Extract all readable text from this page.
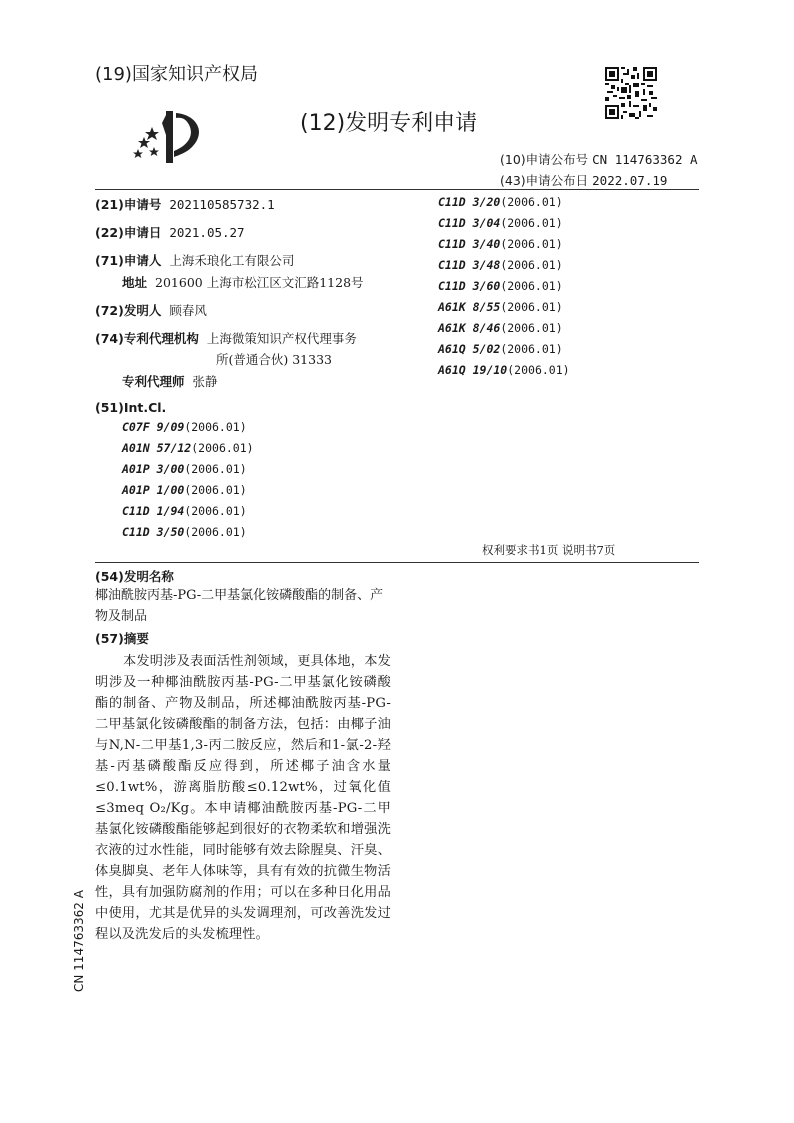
(19)国家知识产权局
(12)发明专利申请
(10)申请公布号 CN 114763362 A
(43)申请公布日 2022.07.19
(21)申请号 202110585732.1
(22)申请日 2021.05.27
(71)申请人 上海禾琅化工有限公司
地址 201600 上海市松江区文汇路1128号
(72)发明人 顾春风
(74)专利代理机构 上海微策知识产权代理事务
所(普通合伙) 31333
专利代理师 张静
(51)Int.Cl.
C07F 9/09(2006.01)
A01N 57/12(2006.01)
A01P 3/00(2006.01)
A01P 1/00(2006.01)
C11D 1/94(2006.01)
C11D 3/50(2006.01)
C11D 3/20(2006.01)
C11D 3/04(2006.01)
C11D 3/40(2006.01)
C11D 3/48(2006.01)
C11D 3/60(2006.01)
A61K 8/55(2006.01)
A61K 8/46(2006.01)
A61Q 5/02(2006.01)
A61Q 19/10(2006.01)
权利要求书1页 说明书7页
(54)发明名称
椰油酰胺丙基-PG-二甲基氯化铵磷酸酯的制备、产物及制品
(57)摘要
本发明涉及表面活性剂领域，更具体地，本发明涉及一种椰油酰胺丙基-PG-二甲基氯化铵磷酸酯的制备、产物及制品，所述椰油酰胺丙基-PG-二甲基氯化铵磷酸酯的制备方法，包括：由椰子油与N,N-二甲基1,3-丙二胺反应，然后和1-氯-2-羟基-丙基磷酸酯反应得到，所述椰子油含水量≤0.1wt%，游离脂肪酸≤0.12wt%，过氧化值≤3meq O₂/Kg。本申请椰油酰胺丙基-PG-二甲基氯化铵磷酸酯能够起到很好的衣物柔软和增强洗衣液的过水性能，同时能够有效去除腥臭、汗臭、体臭脚臭、老年人体味等，具有有效的抗微生物活性，具有加强防腐剂的作用；可以在多种日化用品中使用，尤其是优异的头发调理剂，可改善洗发过程以及洗发后的头发梳理性。
CN 114763362 A
